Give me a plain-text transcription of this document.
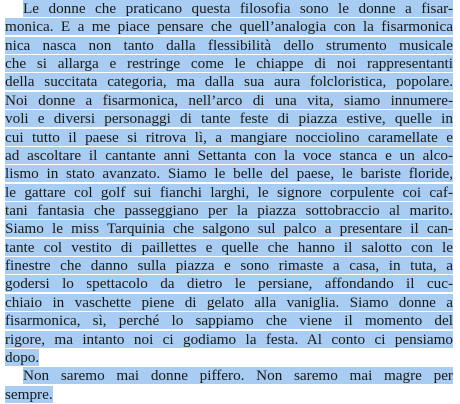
Le donne che praticano questa filosofia sono le donne a fisar-
monica. E a me piace pensare che quell’analogia con la fisarmonica
nica nasca non tanto dalla flessibilità dello strumento musicale
che si allarga e restringe come le chiappe di noi rappresentanti
della succitata categoria, ma dalla sua aura folcloristica, popolare.
Noi donne a fisarmonica, nell’arco di una vita, siamo innumere-
voli e diversi personaggi di tante feste di piazza estive, quelle in
cui tutto il paese si ritrova lì, a mangiare nocciolino caramellate e
ad ascoltare il cantante anni Settanta con la voce stanca e un alco-
lismo in stato avanzato. Siamo le belle del paese, le bariste floride,
le gattare col golf sui fianchi larghi, le signore corpulente coi caf-
tani fantasia che passeggiano per la piazza sottobraccio al marito.
Siamo le miss Tarquinia che salgono sul palco a presentare il can-
tante col vestito di paillettes e quelle che hanno il salotto con le
finestre che danno sulla piazza e sono rimaste a casa, in tuta, a
godersi lo spettacolo da dietro le persiane, affondando il cuc-
chiaio in vaschette piene di gelato alla vaniglia. Siamo donne a
fisarmonica, sì, perché lo sappiamo che viene il momento del
rigore, ma intanto noi ci godiamo la festa. Al conto ci pensiamo
dopo.
Non saremo mai donne piffero. Non saremo mai magre per
sempre.
